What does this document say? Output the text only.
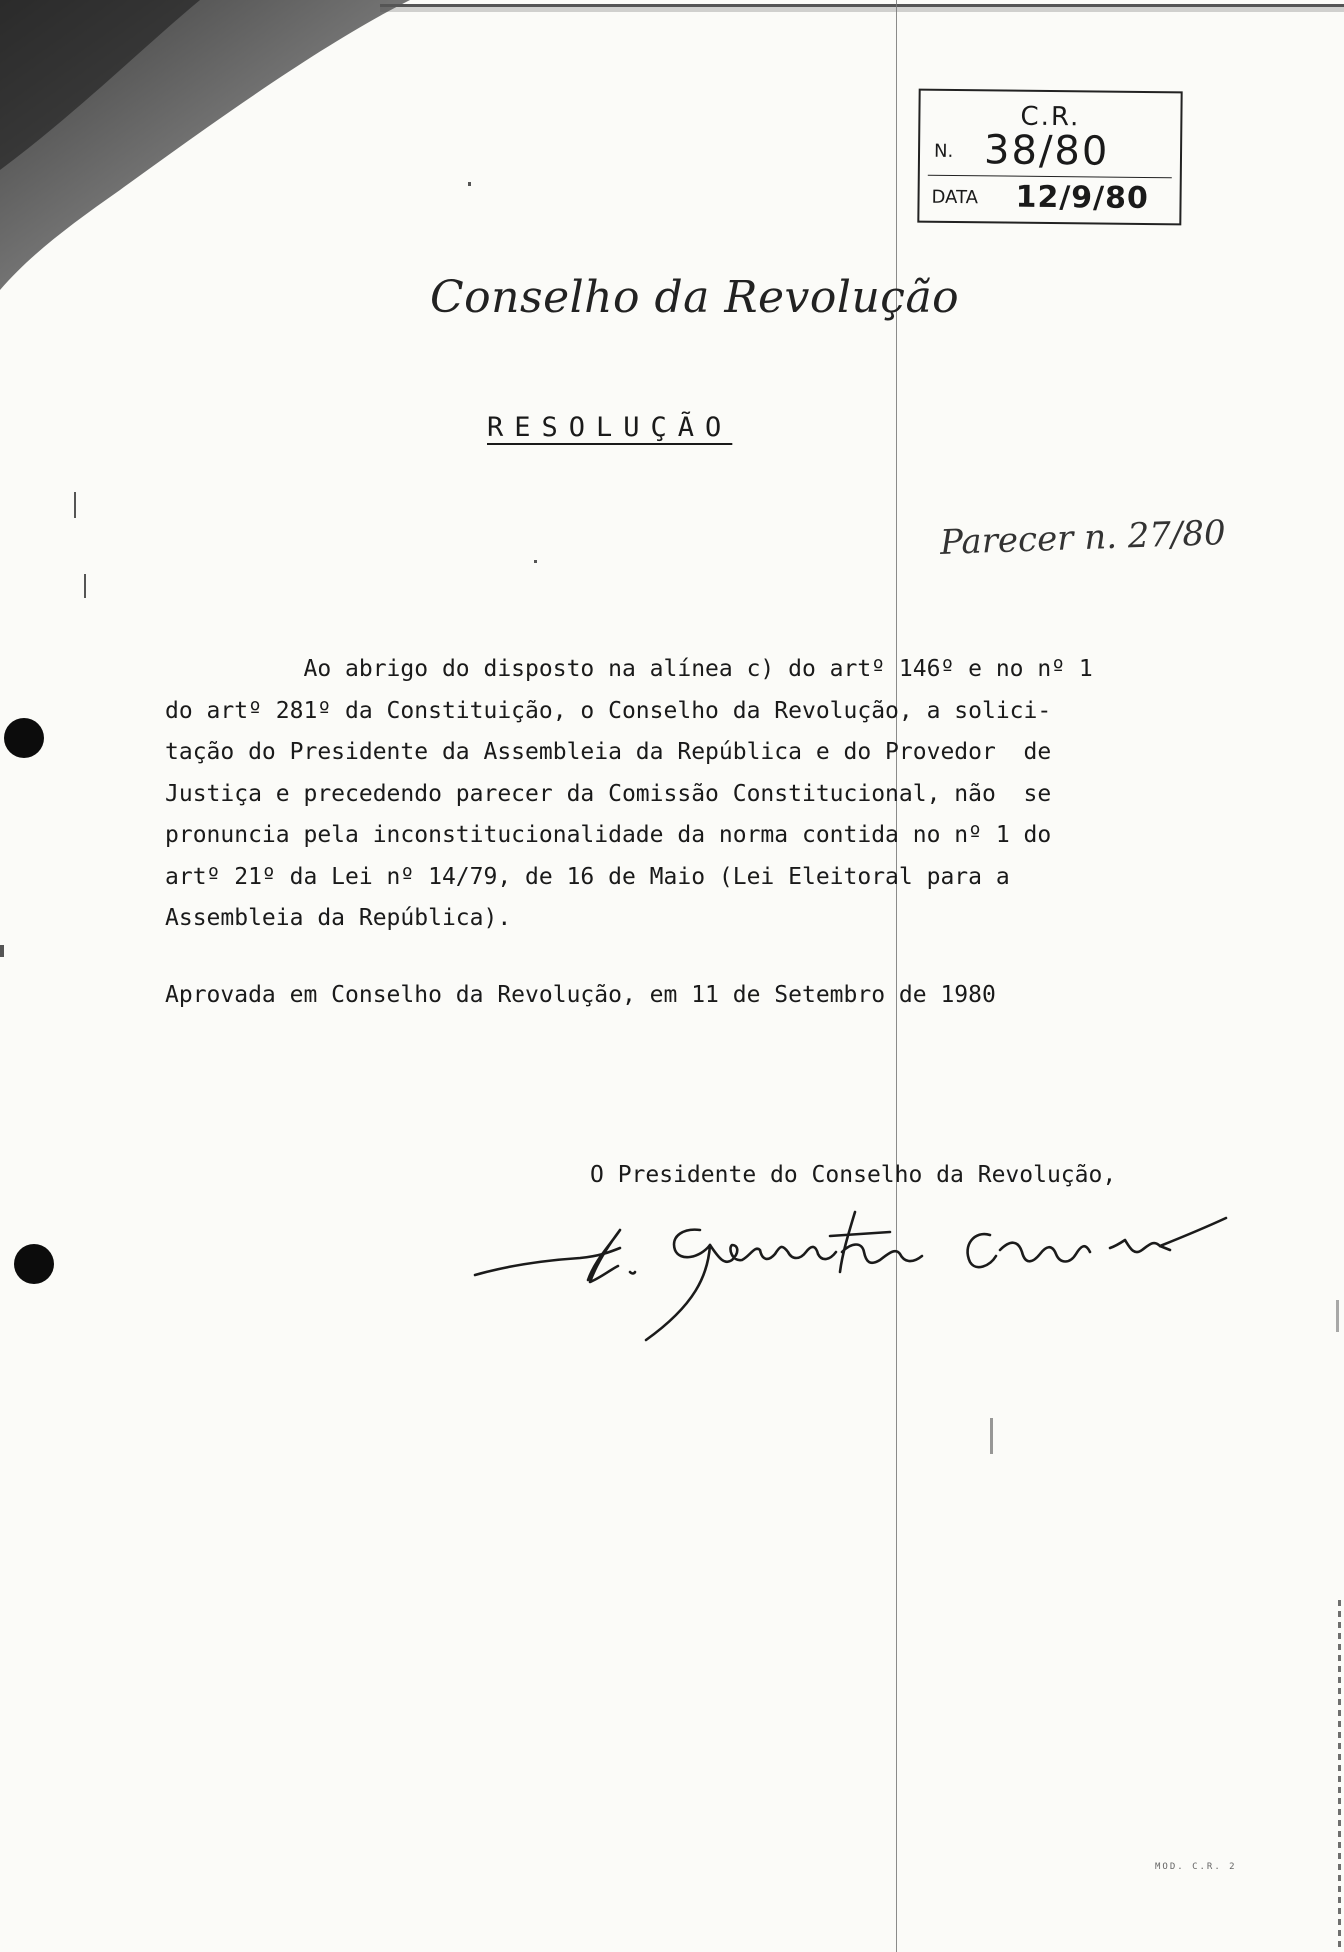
C.R.
N. 38/80
DATA 12/9/80
Conselho da Revolução
RESOLUÇÃO
Parecer n. 27/80

Ao abrigo do disposto na alínea c) do artº 146º e no nº 1
do artº 281º da Constituição, o Conselho da Revolução, a solici-
tação do Presidente da Assembleia da República e do Provedor  de
Justiça e precedendo parecer da Comissão Constitucional, não  se
pronuncia pela inconstitucionalidade da norma contida no nº 1 do
artº 21º da Lei nº 14/79, de 16 de Maio (Lei Eleitoral para a
Assembleia da República).

Aprovada em Conselho da Revolução, em 11 de Setembro de 1980
O Presidente do Conselho da Revolução,
MOD. C.R. 2
